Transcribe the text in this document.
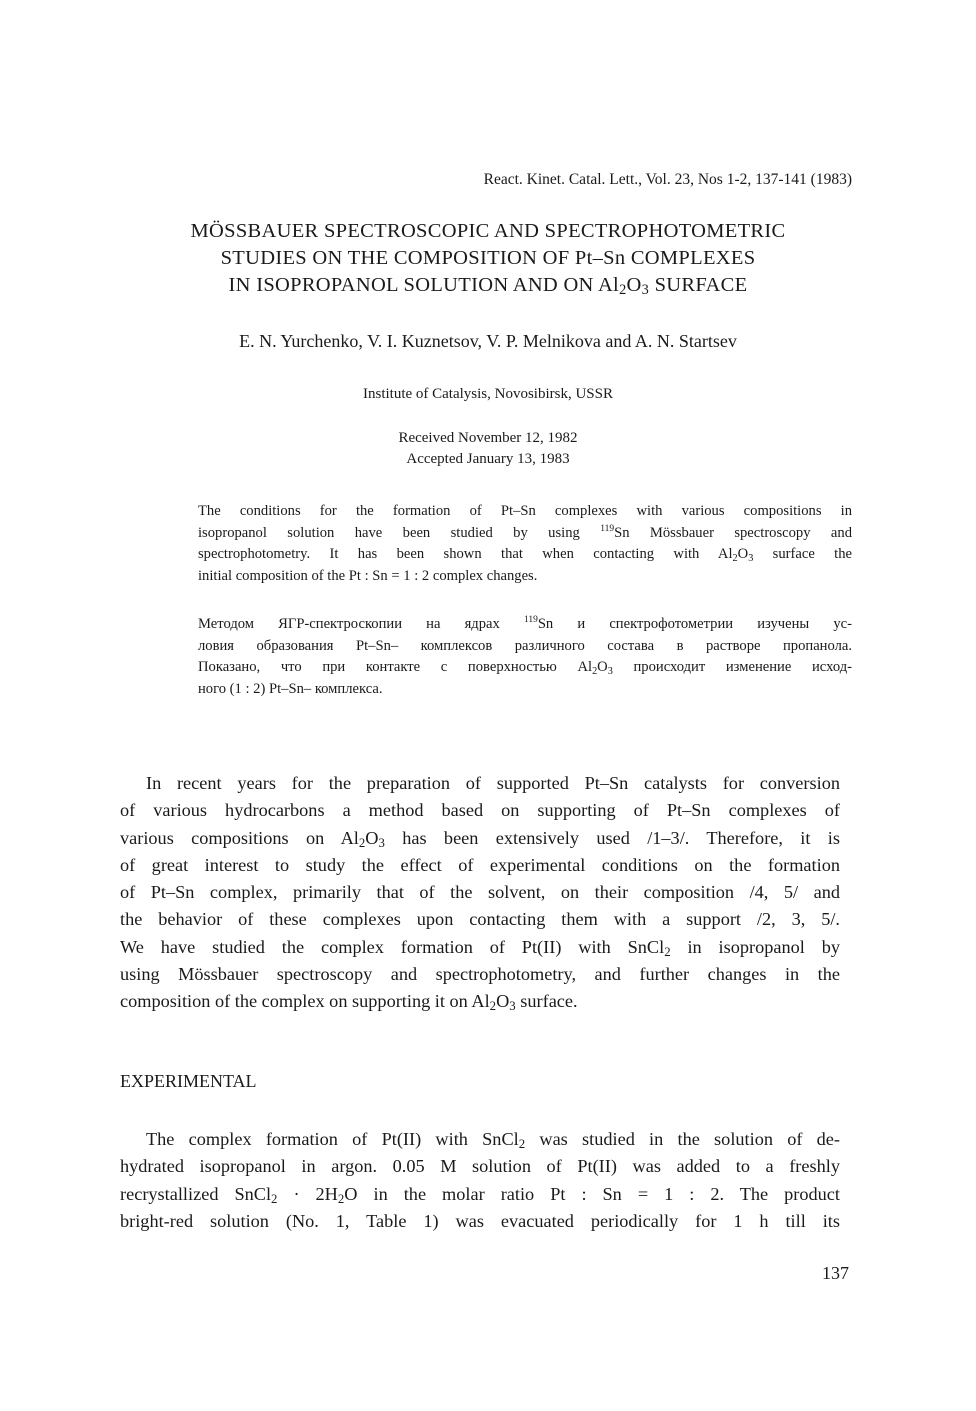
React. Kinet. Catal. Lett., Vol. 23, Nos 1-2, 137-141 (1983)
MÖSSBAUER SPECTROSCOPIC AND SPECTROPHOTOMETRIC
STUDIES ON THE COMPOSITION OF Pt–Sn COMPLEXES
IN ISOPROPANOL SOLUTION AND ON $Al_2O_3$ SURFACE
E. N. Yurchenko, V. I. Kuznetsov, V. P. Melnikova and A. N. Startsev
Institute of Catalysis, Novosibirsk, USSR
Received November 12, 1982
Accepted January 13, 1983
The conditions for the formation of Pt–Sn complexes with various compositions in
isopropanol solution have been studied by using $^{119}$Sn Mössbauer spectroscopy and
spectrophotometry. It has been shown that when contacting with $Al_2O_3$ surface the
initial composition of the Pt : Sn = 1 : 2 complex changes.
Методом ЯГР-спектроскопии на ядрах $^{119}$Sn и спектрофотометрии изучены ус-
ловия образования Pt–Sn– комплексов различного состава в растворе пропанола.
Показано, что при контакте с поверхностью $Al_2O_3$ происходит изменение исход-
ного (1 : 2) Pt–Sn– комплекса.
In recent years for the preparation of supported Pt–Sn catalysts for conversion
of various hydrocarbons a method based on supporting of Pt–Sn complexes of
various compositions on $Al_2O_3$ has been extensively used /1–3/. Therefore, it is
of great interest to study the effect of experimental conditions on the formation
of Pt–Sn complex, primarily that of the solvent, on their composition /4, 5/ and
the behavior of these complexes upon contacting them with a support /2, 3, 5/.
We have studied the complex formation of Pt(II) with SnCl$_2$ in isopropanol by
using Mössbauer spectroscopy and spectrophotometry, and further changes in the
composition of the complex on supporting it on $Al_2O_3$ surface.
EXPERIMENTAL
The complex formation of Pt(II) with SnCl$_2$ was studied in the solution of de-
hydrated isopropanol in argon. 0.05 M solution of Pt(II) was added to a freshly
recrystallized SnCl$_2$ · $2H_2O$ in the molar ratio Pt : Sn = 1 : 2. The product
bright-red solution (No. 1, Table 1) was evacuated periodically for 1 h till its
137
